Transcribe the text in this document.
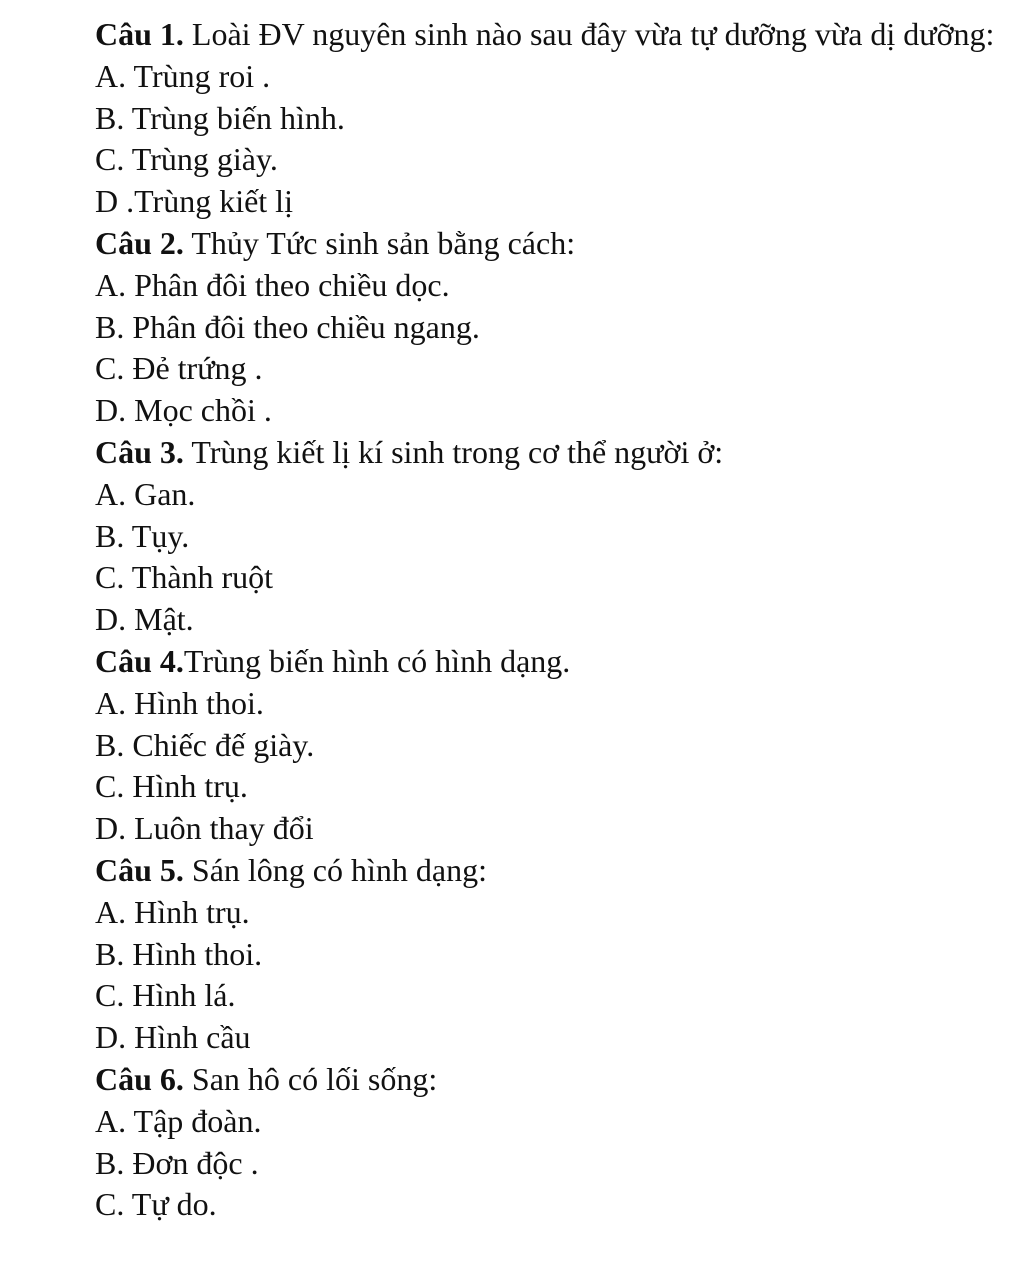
Câu 1. Loài ĐV nguyên sinh nào sau đây vừa tự dưỡng vừa dị dưỡng:

A. Trùng roi .

B. Trùng biến hình.

C. Trùng giày.

D .Trùng kiết lị

Câu 2. Thủy Tức sinh sản bằng cách:

A. Phân đôi theo chiều dọc.

B. Phân đôi theo chiều ngang.

C. Đẻ trứng .

D. Mọc chồi .

Câu 3. Trùng kiết lị kí sinh trong cơ thể người ở:

A. Gan.

B. Tụy.

C. Thành ruột

D. Mật.

Câu 4.Trùng biến hình có hình dạng.

A. Hình thoi.

B. Chiếc đế giày.

C. Hình trụ.

D. Luôn thay đổi

Câu 5. Sán lông có hình dạng:

A. Hình trụ.

B. Hình thoi.

C. Hình lá.

D. Hình cầu

Câu 6. San hô có lối sống:

A. Tập đoàn.

B. Đơn độc .

C. Tự do.
